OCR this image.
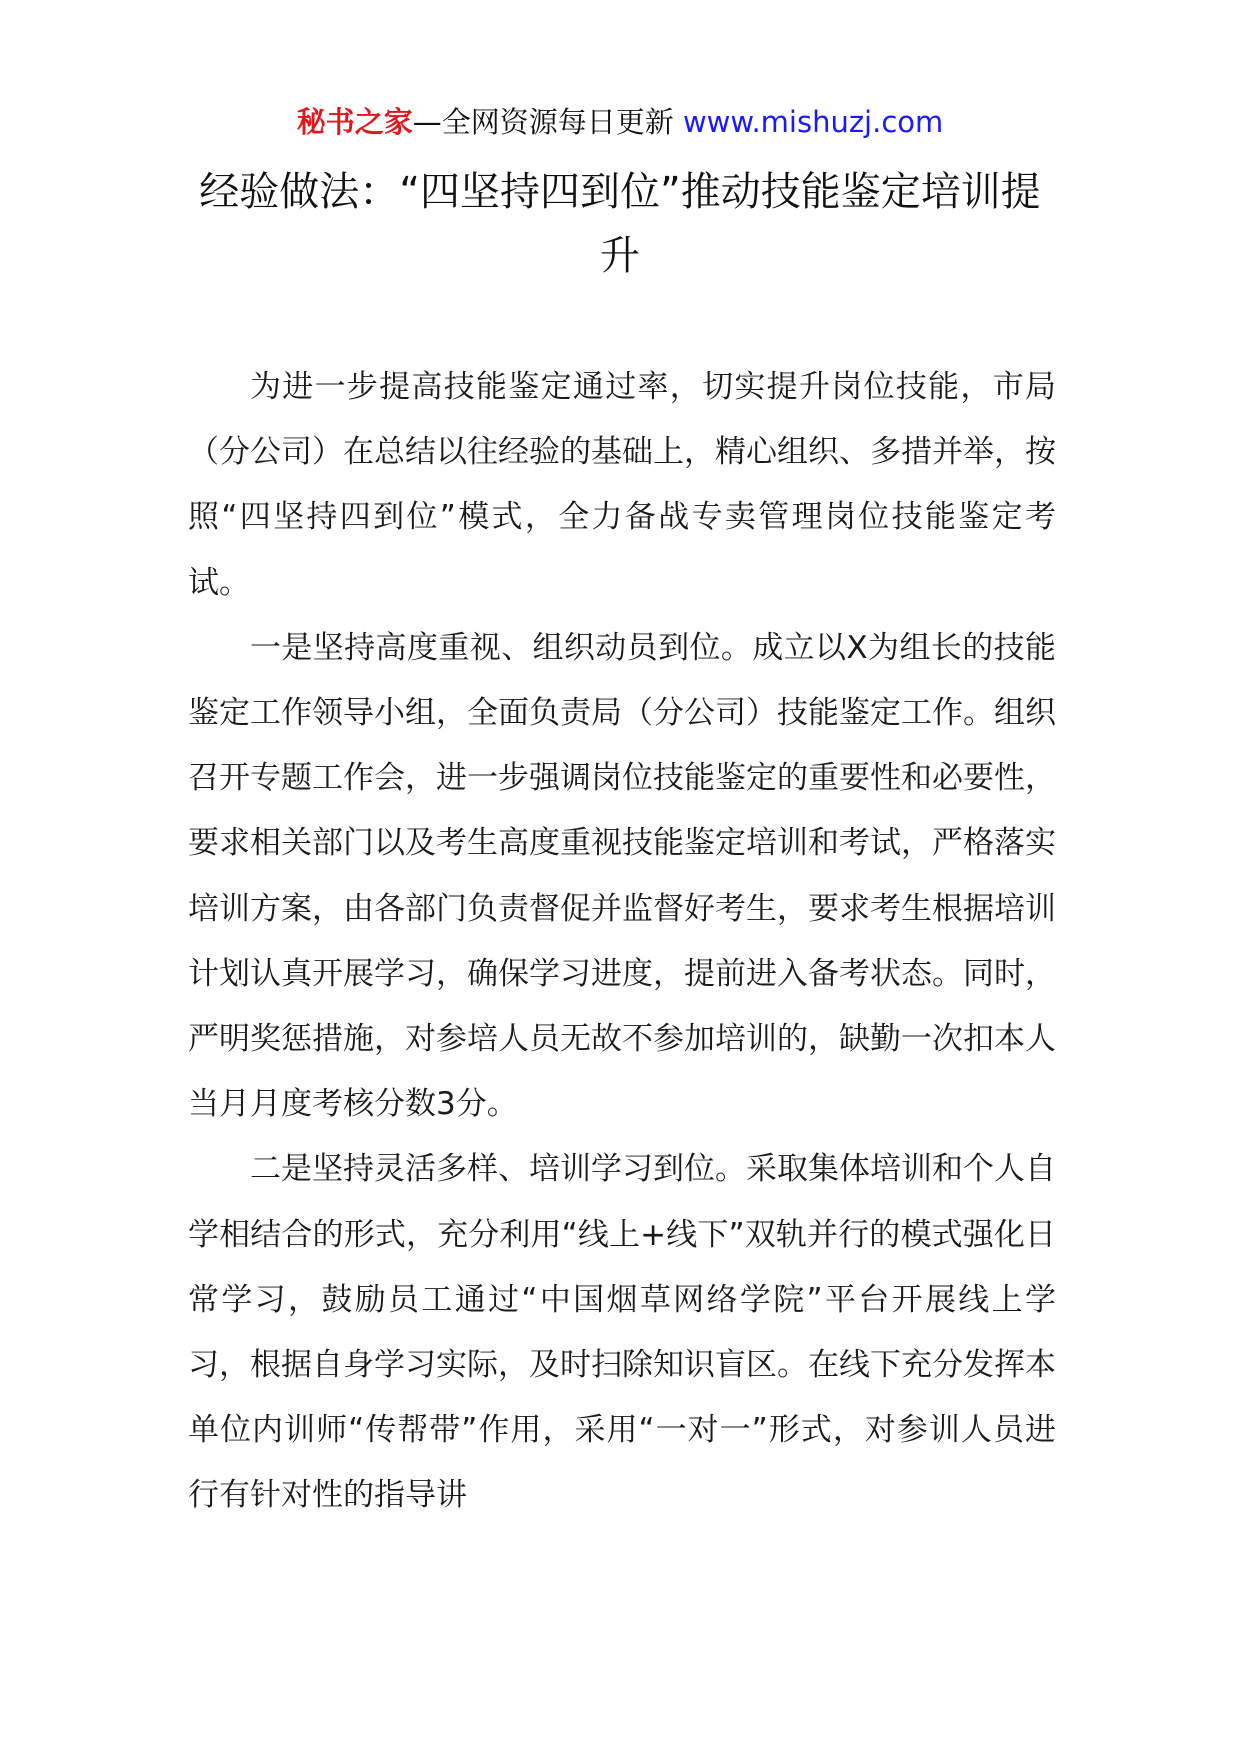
秘书之家—全网资源每日更新 www.mishuzj.com
经验做法：“四坚持四到位”推动技能鉴定培训提升

为进一步提高技能鉴定通过率，切实提升岗位技能，市局（分公司）在总结以往经验的基础上，精心组织、多措并举，按照“四坚持四到位”模式，全力备战专卖管理岗位技能鉴定考试。

一是坚持高度重视、组织动员到位。成立以X为组长的技能鉴定工作领导小组，全面负责局（分公司）技能鉴定工作。组织召开专题工作会，进一步强调岗位技能鉴定的重要性和必要性，要求相关部门以及考生高度重视技能鉴定培训和考试，严格落实培训方案，由各部门负责督促并监督好考生，要求考生根据培训计划认真开展学习，确保学习进度，提前进入备考状态。同时，严明奖惩措施，对参培人员无故不参加培训的，缺勤一次扣本人当月月度考核分数3分。

二是坚持灵活多样、培训学习到位。采取集体培训和个人自学相结合的形式，充分利用“线上+线下”双轨并行的模式强化日常学习，鼓励员工通过“中国烟草网络学院”平台开展线上学习，根据自身学习实际，及时扫除知识盲区。在线下充分发挥本单位内训师“传帮带”作用，采用“一对一”形式，对参训人员进行有针对性的指导讲
